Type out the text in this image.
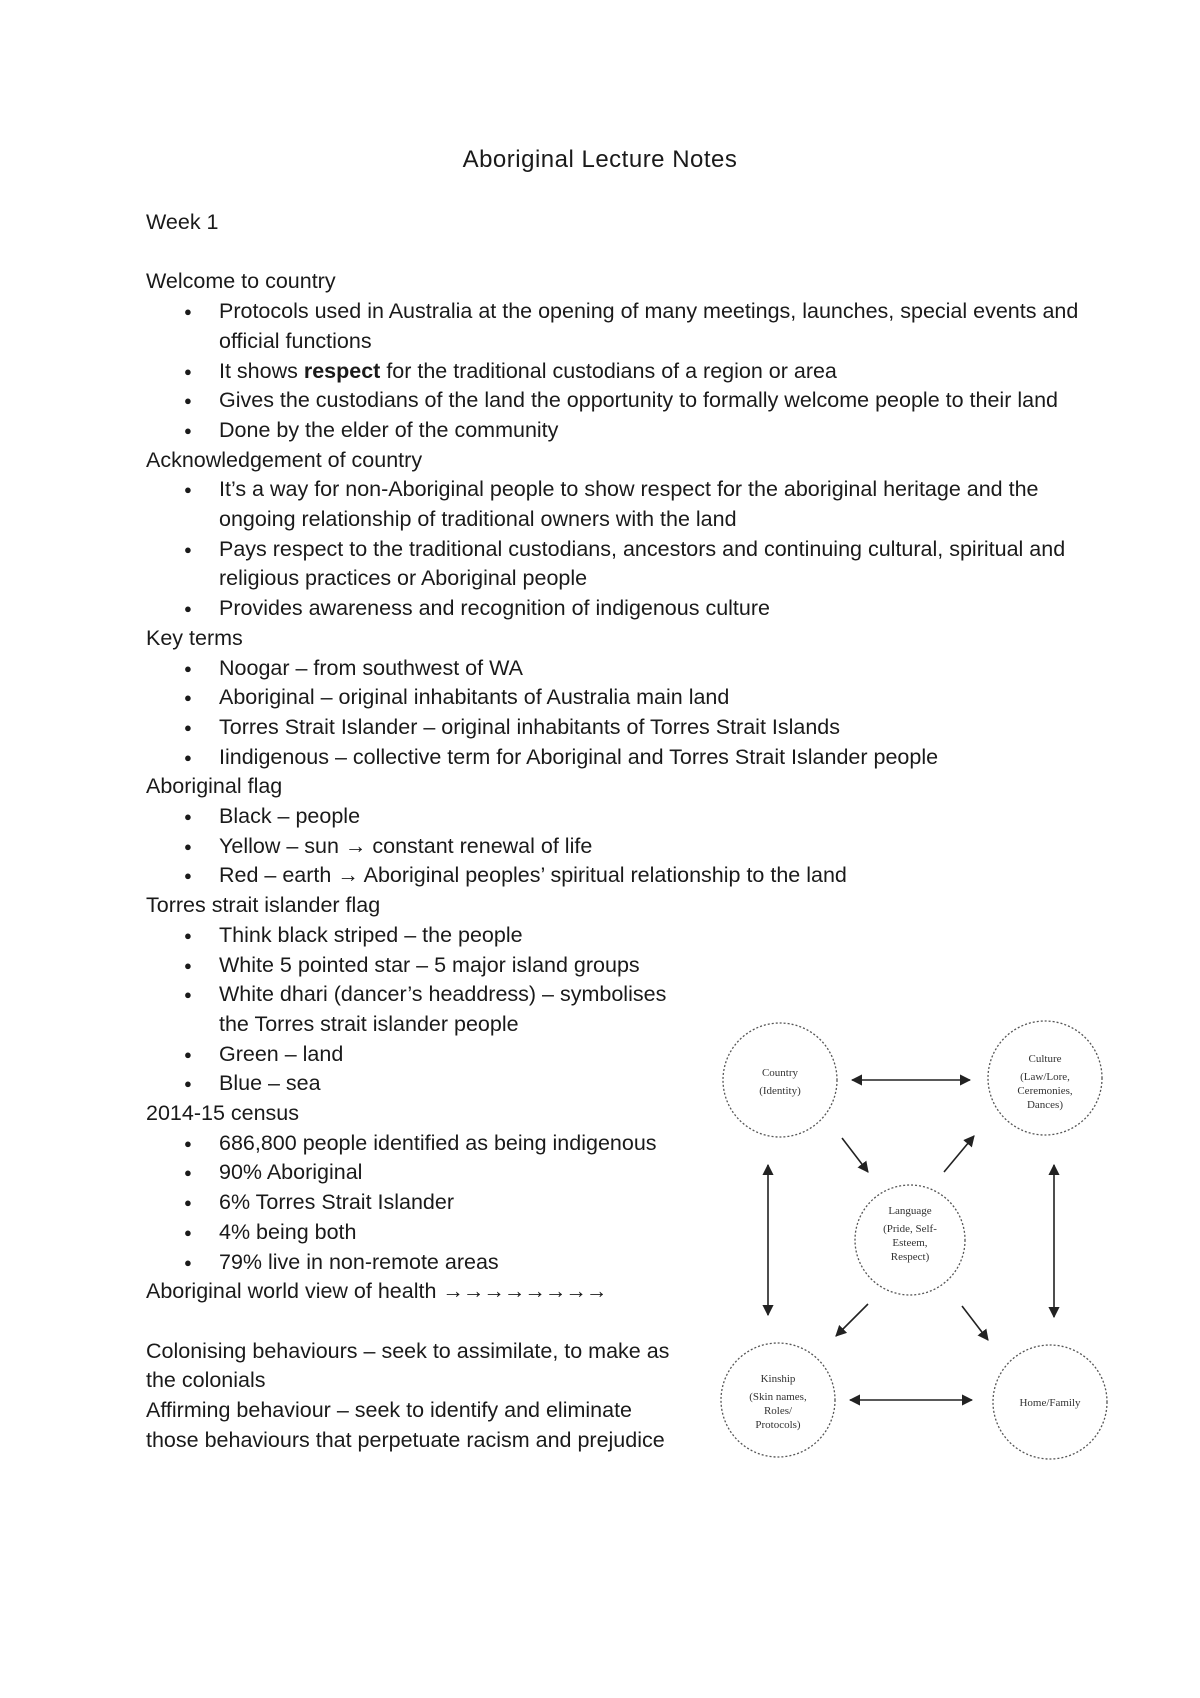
Aboriginal Lecture Notes

Week 1

Welcome to country

● Protocols used in Australia at the opening of many meetings, launches, special events and official functions
● It shows respect for the traditional custodians of a region or area
● Gives the custodians of the land the opportunity to formally welcome people to their land
● Done by the elder of the community

Acknowledgement of country

● It’s a way for non-Aboriginal people to show respect for the aboriginal heritage and the ongoing relationship of traditional owners with the land
● Pays respect to the traditional custodians, ancestors and continuing cultural, spiritual and religious practices or Aboriginal people
● Provides awareness and recognition of indigenous culture

Key terms

● Noogar – from southwest of WA
● Aboriginal – original inhabitants of Australia main land
● Torres Strait Islander – original inhabitants of Torres Strait Islands
● Iindigenous – collective term for Aboriginal and Torres Strait Islander people

Aboriginal flag

● Black – people
● Yellow – sun → constant renewal of life
● Red – earth → Aboriginal peoples’ spiritual relationship to the land

Torres strait islander flag

● Think black striped – the people
● White 5 pointed star – 5 major island groups
● White dhari (dancer’s headdress) – symbolises the Torres strait islander people
● Green – land
● Blue – sea

2014-15 census

● 686,800 people identified as being indigenous
● 90% Aboriginal
● 6% Torres Strait Islander
● 4% being both
● 79% live in non-remote areas

Aboriginal world view of health →→→→→→→→

Colonising behaviours – seek to assimilate, to make as the colonials

Affirming behaviour – seek to identify and eliminate those behaviours that perpetuate racism and prejudice

Country
(Identity)
Culture
(Law/Lore,
Ceremonies,
Dances)
Language
(Pride, Self-
Esteem,
Respect)
Kinship
(Skin names,
Roles/
Protocols)
Home/Family
